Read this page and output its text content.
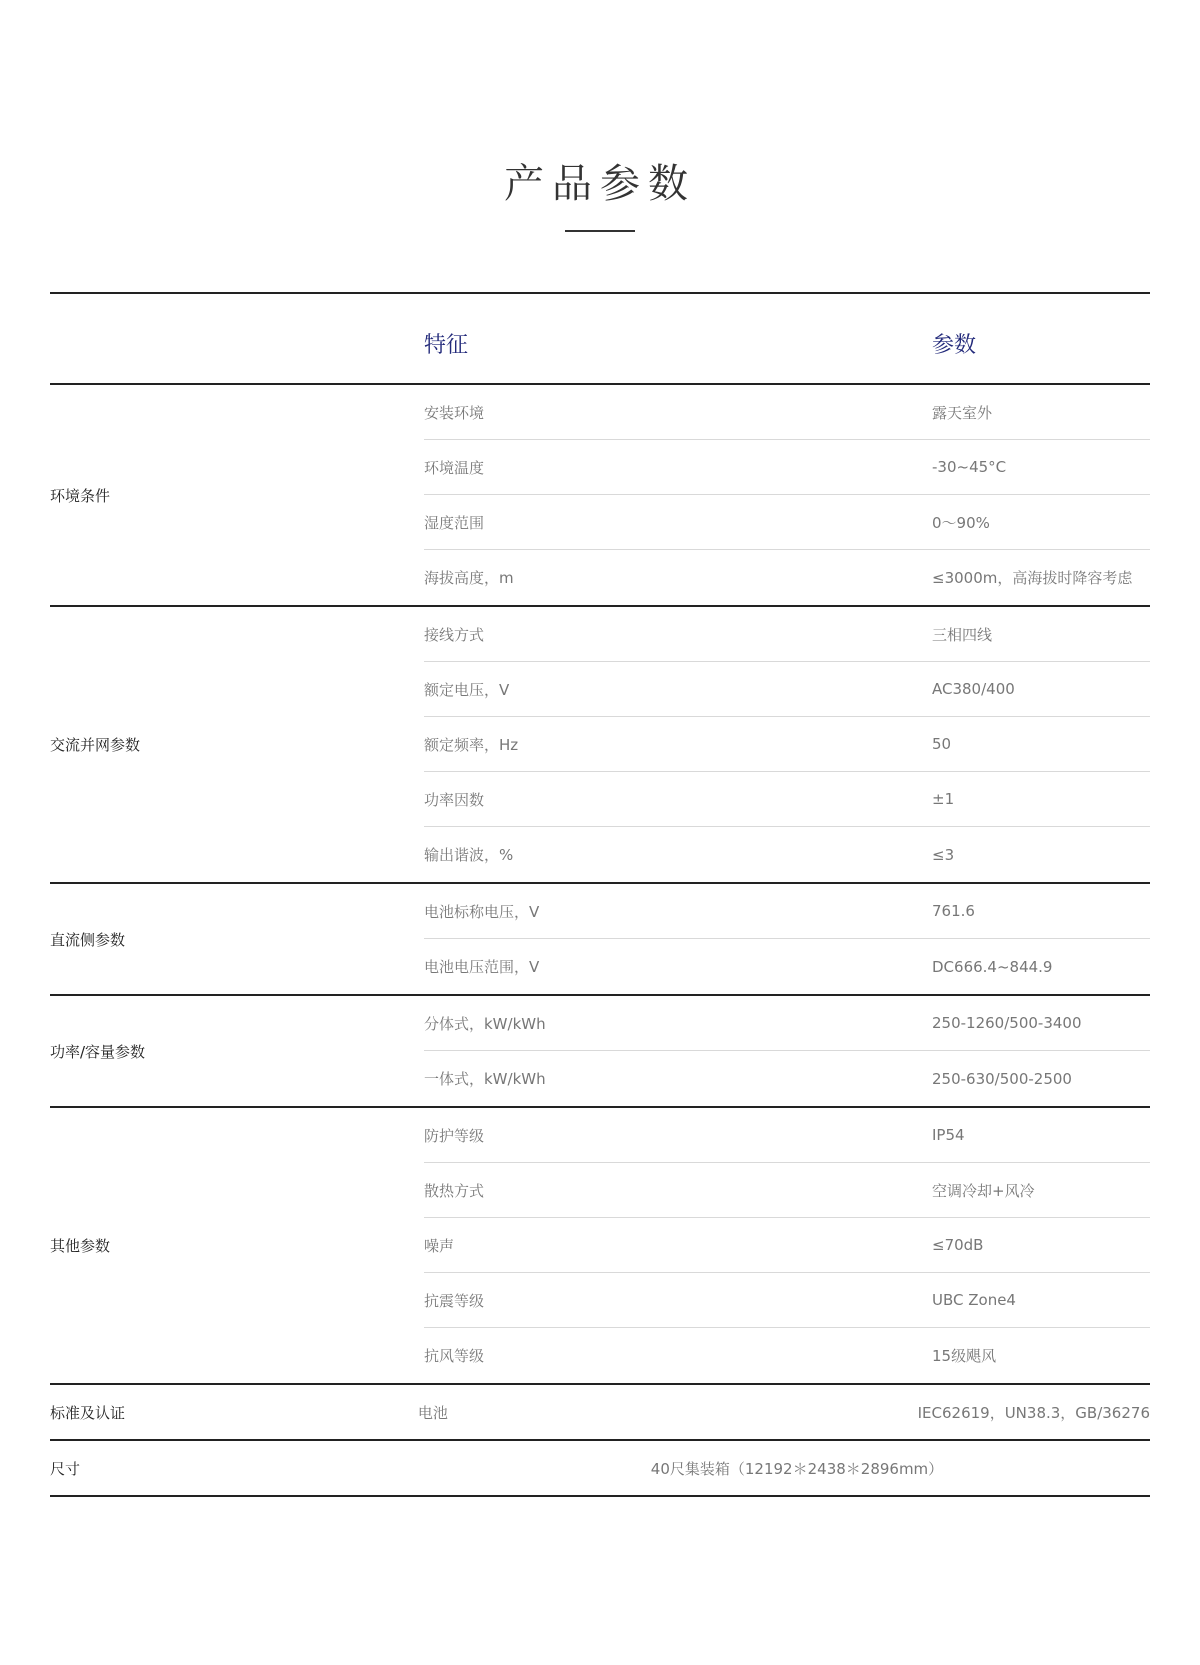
产品参数
特征	参数
环境条件
安装环境	露天室外
环境温度	-30~45°C
湿度范围	0～90%
海拔高度，m	≤3000m，高海拔时降容考虑
交流并网参数
接线方式	三相四线
额定电压，V	AC380/400
额定频率，Hz	50
功率因数	±1
输出谐波，%	≤3
直流侧参数
电池标称电压，V	761.6
电池电压范围，V	DC666.4~844.9
功率/容量参数
分体式，kW/kWh	250-1260/500-3400
一体式，kW/kWh	250-630/500-2500
其他参数
防护等级	IP54
散热方式	空调冷却+风冷
噪声	≤70dB
抗震等级	UBC Zone4
抗风等级	15级飓风
标准及认证	电池	IEC62619，UN38.3，GB/36276
尺寸	40尺集装箱（12192＊2438＊2896mm）
